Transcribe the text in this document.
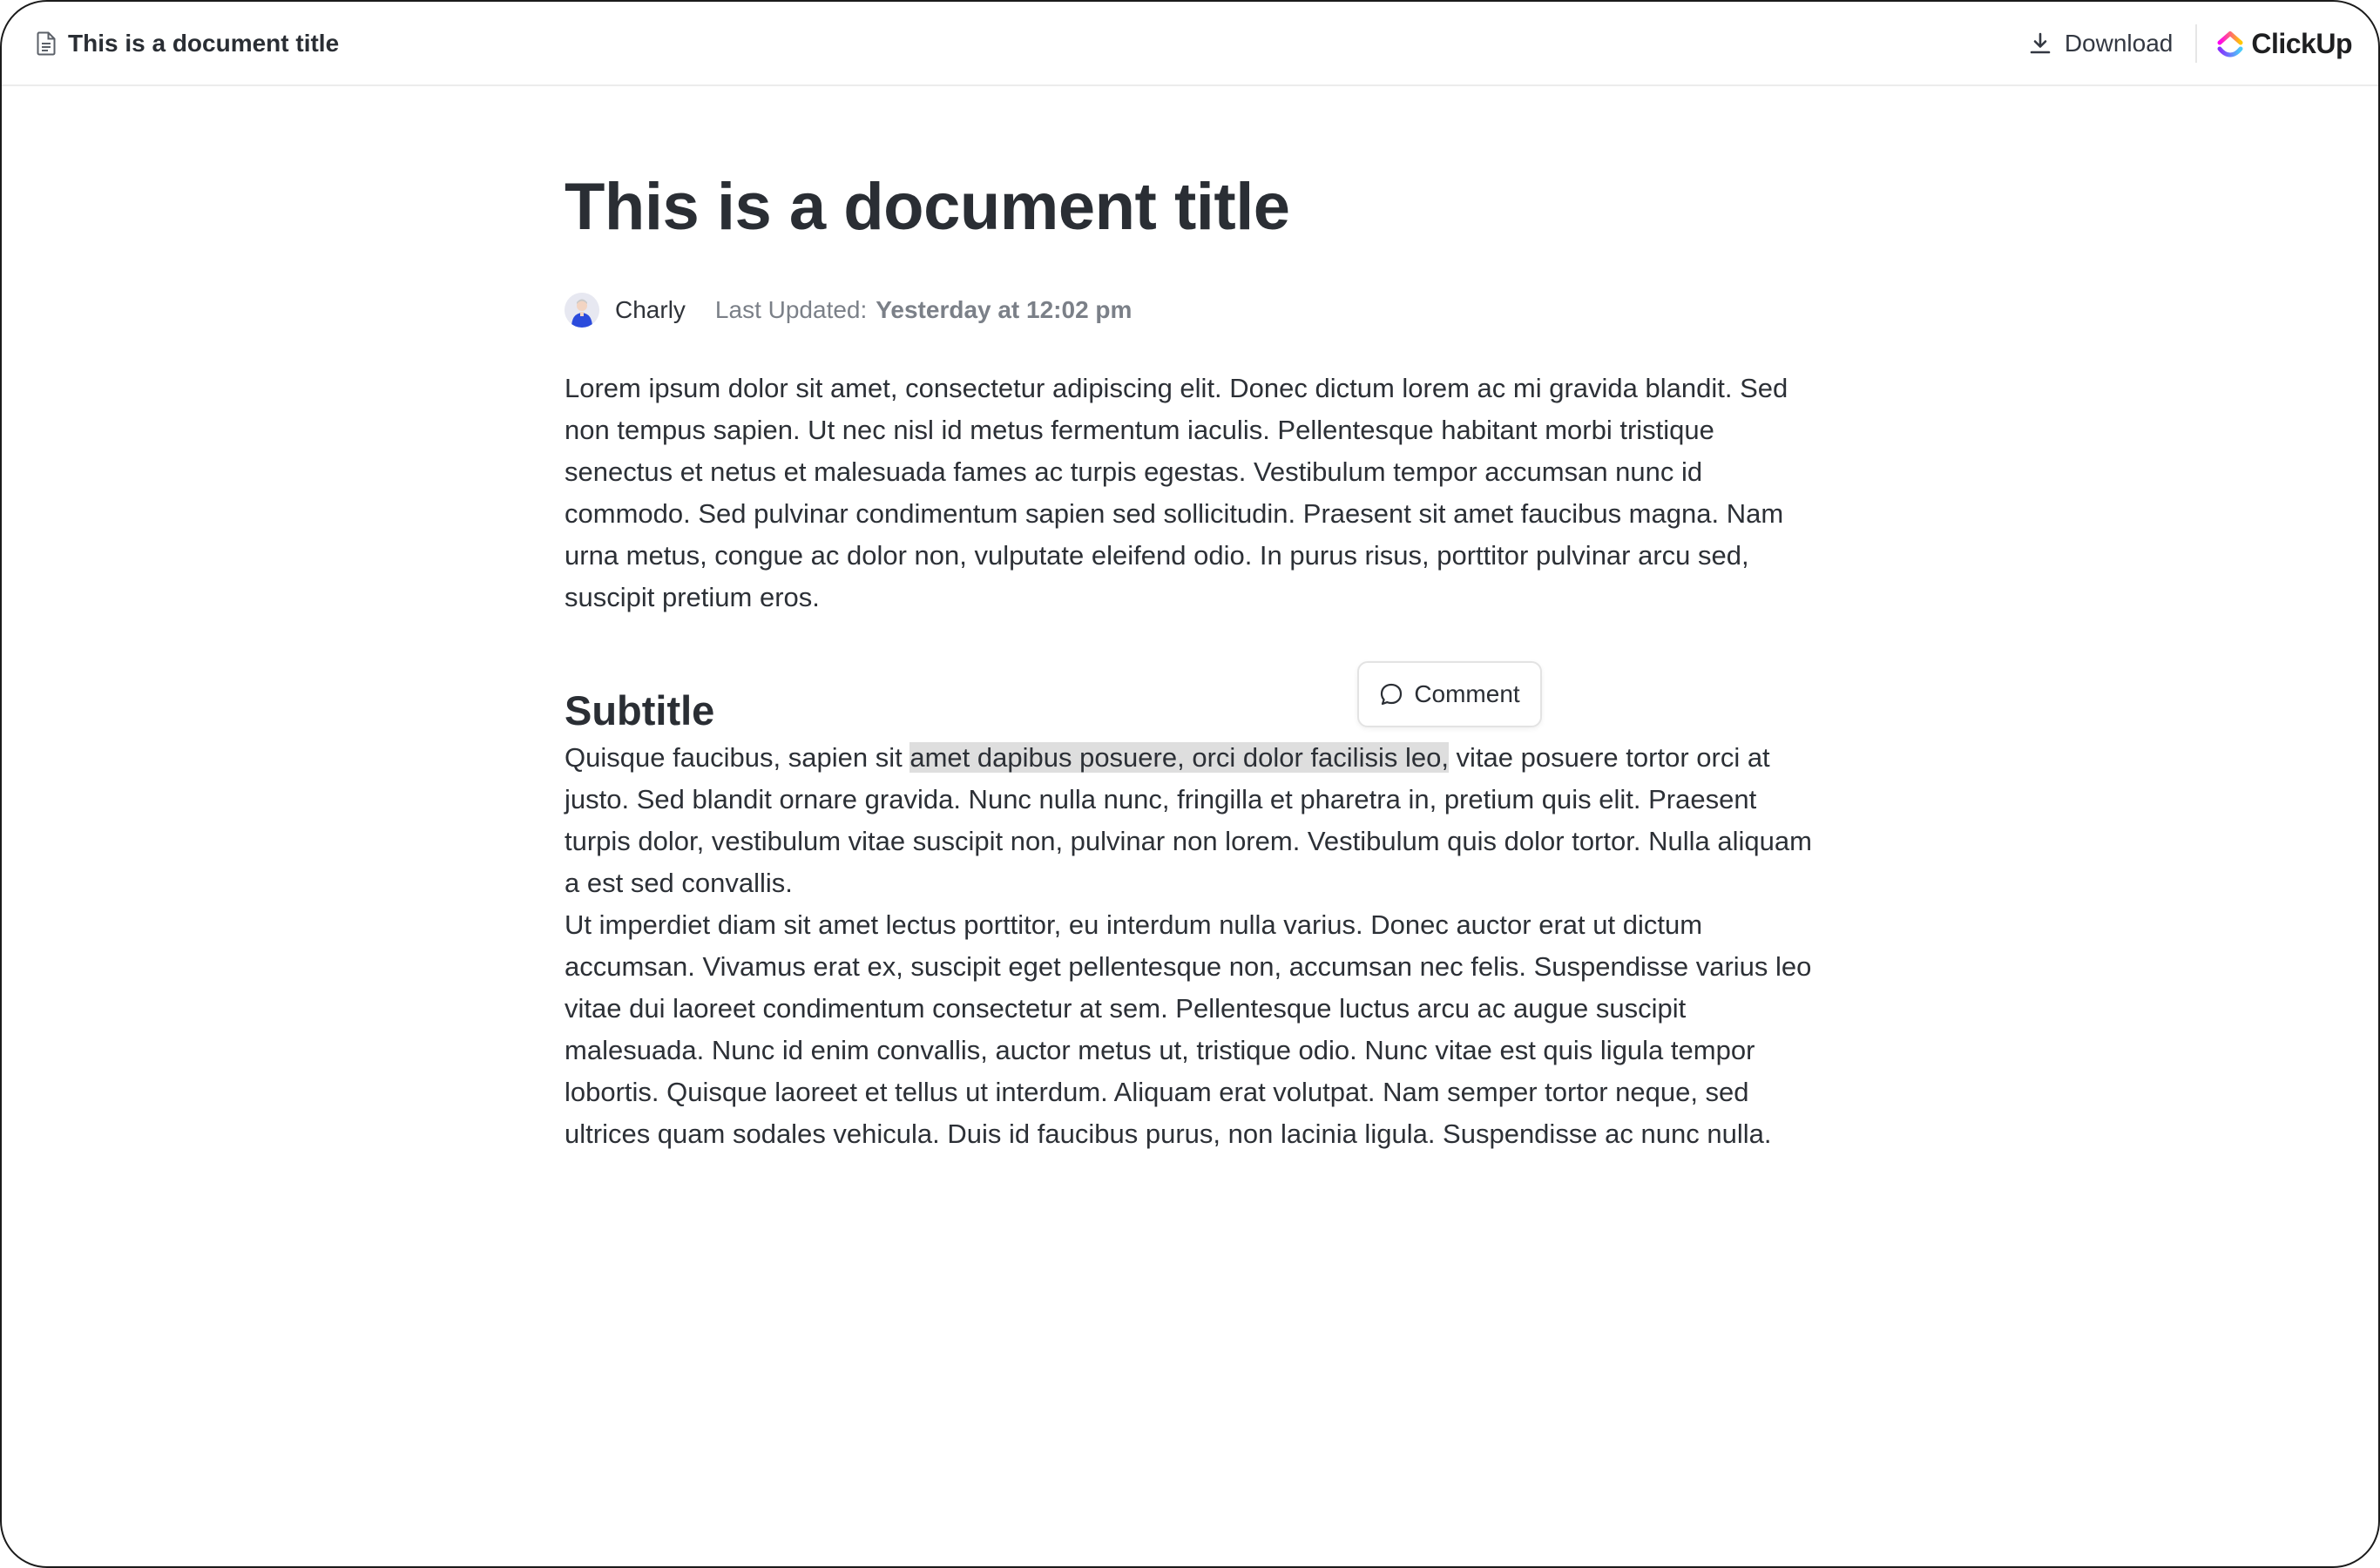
This is a document title	Download	ClickUp
This is a document title
Charly Last Updated: Yesterday at 12:02 pm

Lorem ipsum dolor sit amet, consectetur adipiscing elit. Donec dictum lorem ac mi gravida blandit. Sed non tempus sapien. Ut nec nisl id metus fermentum iaculis. Pellentesque habitant morbi tristique senectus et netus et malesuada fames ac turpis egestas. Vestibulum tempor accumsan nunc id commodo. Sed pulvinar condimentum sapien sed sollicitudin. Praesent sit amet faucibus magna. Nam urna metus, congue ac dolor non, vulputate eleifend odio. In purus risus, porttitor pulvinar arcu sed, suscipit pretium eros.

Subtitle

Quisque faucibus, sapien sit amet dapibus posuere, orci dolor facilisis leo, vitae posuere tortor orci at justo. Sed blandit ornare gravida. Nunc nulla nunc, fringilla et pharetra in, pretium quis elit. Praesent turpis dolor, vestibulum vitae suscipit non, pulvinar non lorem. Vestibulum quis dolor tortor. Nulla aliquam a est sed convallis.

Ut imperdiet diam sit amet lectus porttitor, eu interdum nulla varius. Donec auctor erat ut dictum accumsan. Vivamus erat ex, suscipit eget pellentesque non, accumsan nec felis. Suspendisse varius leo vitae dui laoreet condimentum consectetur at sem. Pellentesque luctus arcu ac augue suscipit malesuada. Nunc id enim convallis, auctor metus ut, tristique odio. Nunc vitae est quis ligula tempor lobortis. Quisque laoreet et tellus ut interdum. Aliquam erat volutpat. Nam semper tortor neque, sed ultrices quam sodales vehicula. Duis id faucibus purus, non lacinia ligula. Suspendisse ac nunc nulla.

Comment
